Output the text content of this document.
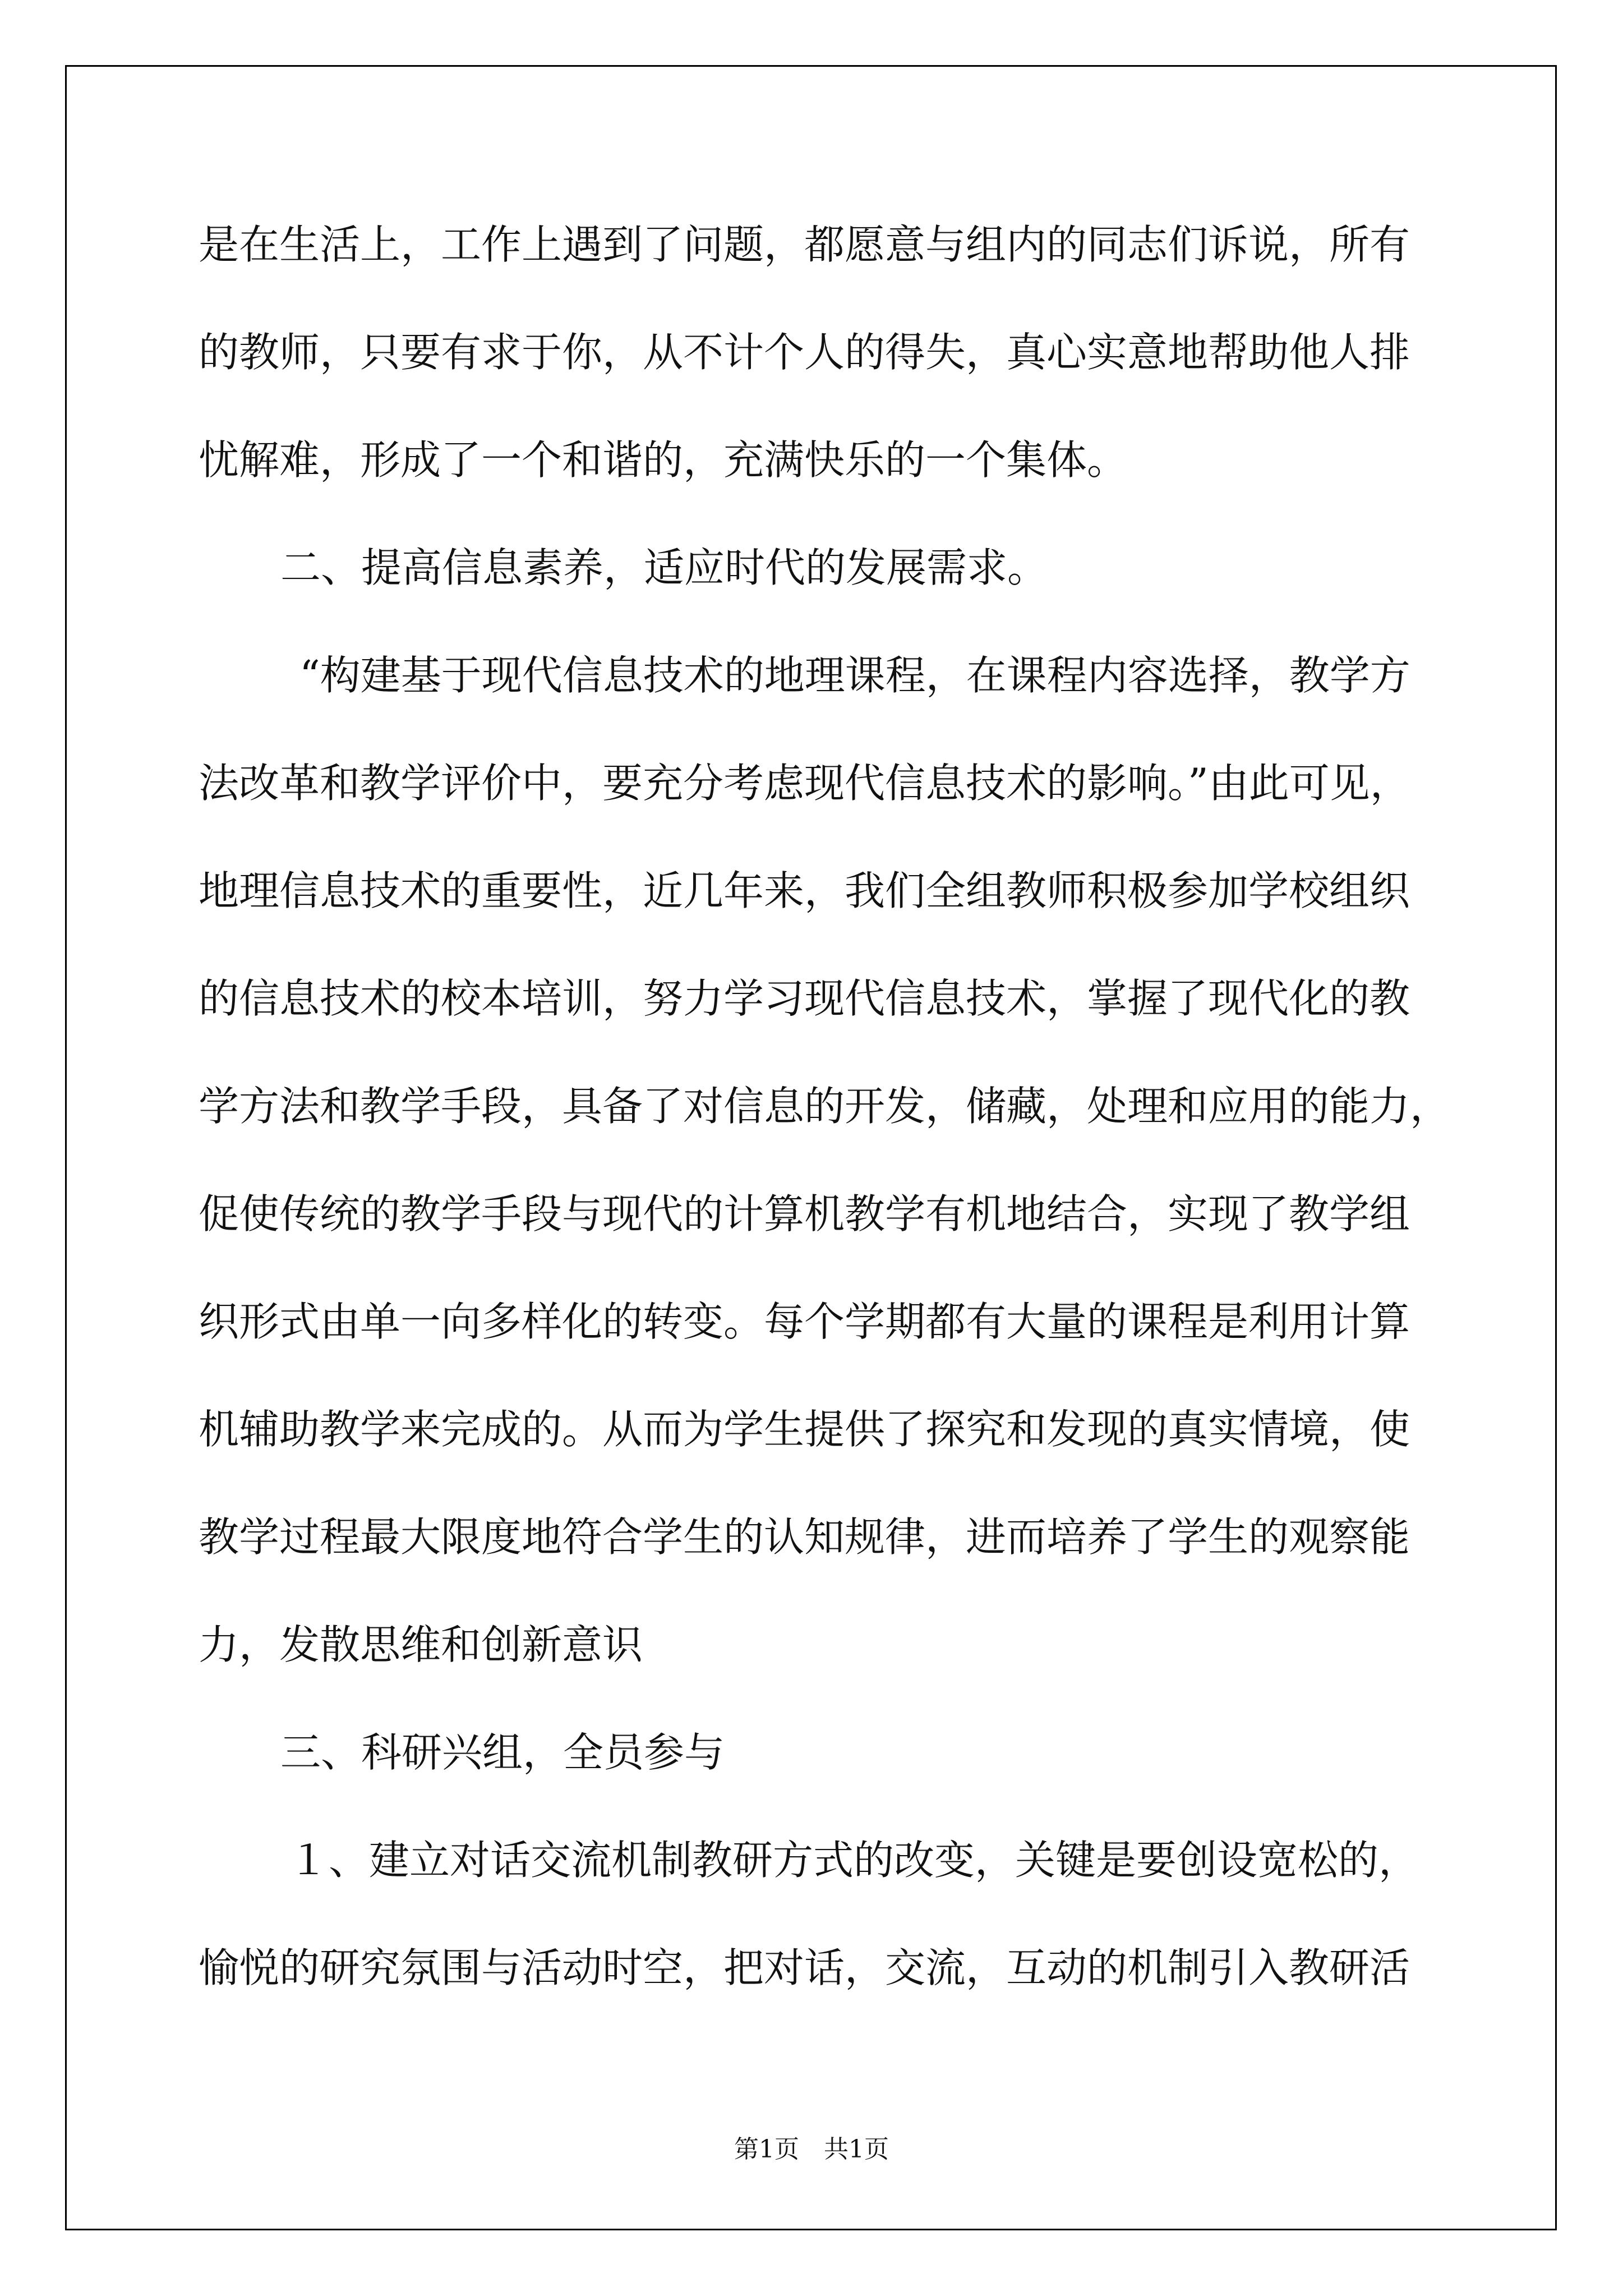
是在生活上，工作上遇到了问题，都愿意与组内的同志们诉说，所有
的教师，只要有求于你，从不计个人的得失，真心实意地帮助他人排
忧解难，形成了一个和谐的，充满快乐的一个集体。
二、提高信息素养，适应时代的发展需求。
“构建基于现代信息技术的地理课程，在课程内容选择，教学方
法改革和教学评价中，要充分考虑现代信息技术的影响。”由此可见，
地理信息技术的重要性，近几年来，我们全组教师积极参加学校组织
的信息技术的校本培训，努力学习现代信息技术，掌握了现代化的教
学方法和教学手段，具备了对信息的开发，储藏，处理和应用的能力，
促使传统的教学手段与现代的计算机教学有机地结合，实现了教学组
织形式由单一向多样化的转变。每个学期都有大量的课程是利用计算
机辅助教学来完成的。从而为学生提供了探究和发现的真实情境，使
教学过程最大限度地符合学生的认知规律，进而培养了学生的观察能
力，发散思维和创新意识
三、科研兴组，全员参与
１、建立对话交流机制教研方式的改变，关键是要创设宽松的，
愉悦的研究氛围与活动时空，把对话，交流，互动的机制引入教研活
第1页　共1页
